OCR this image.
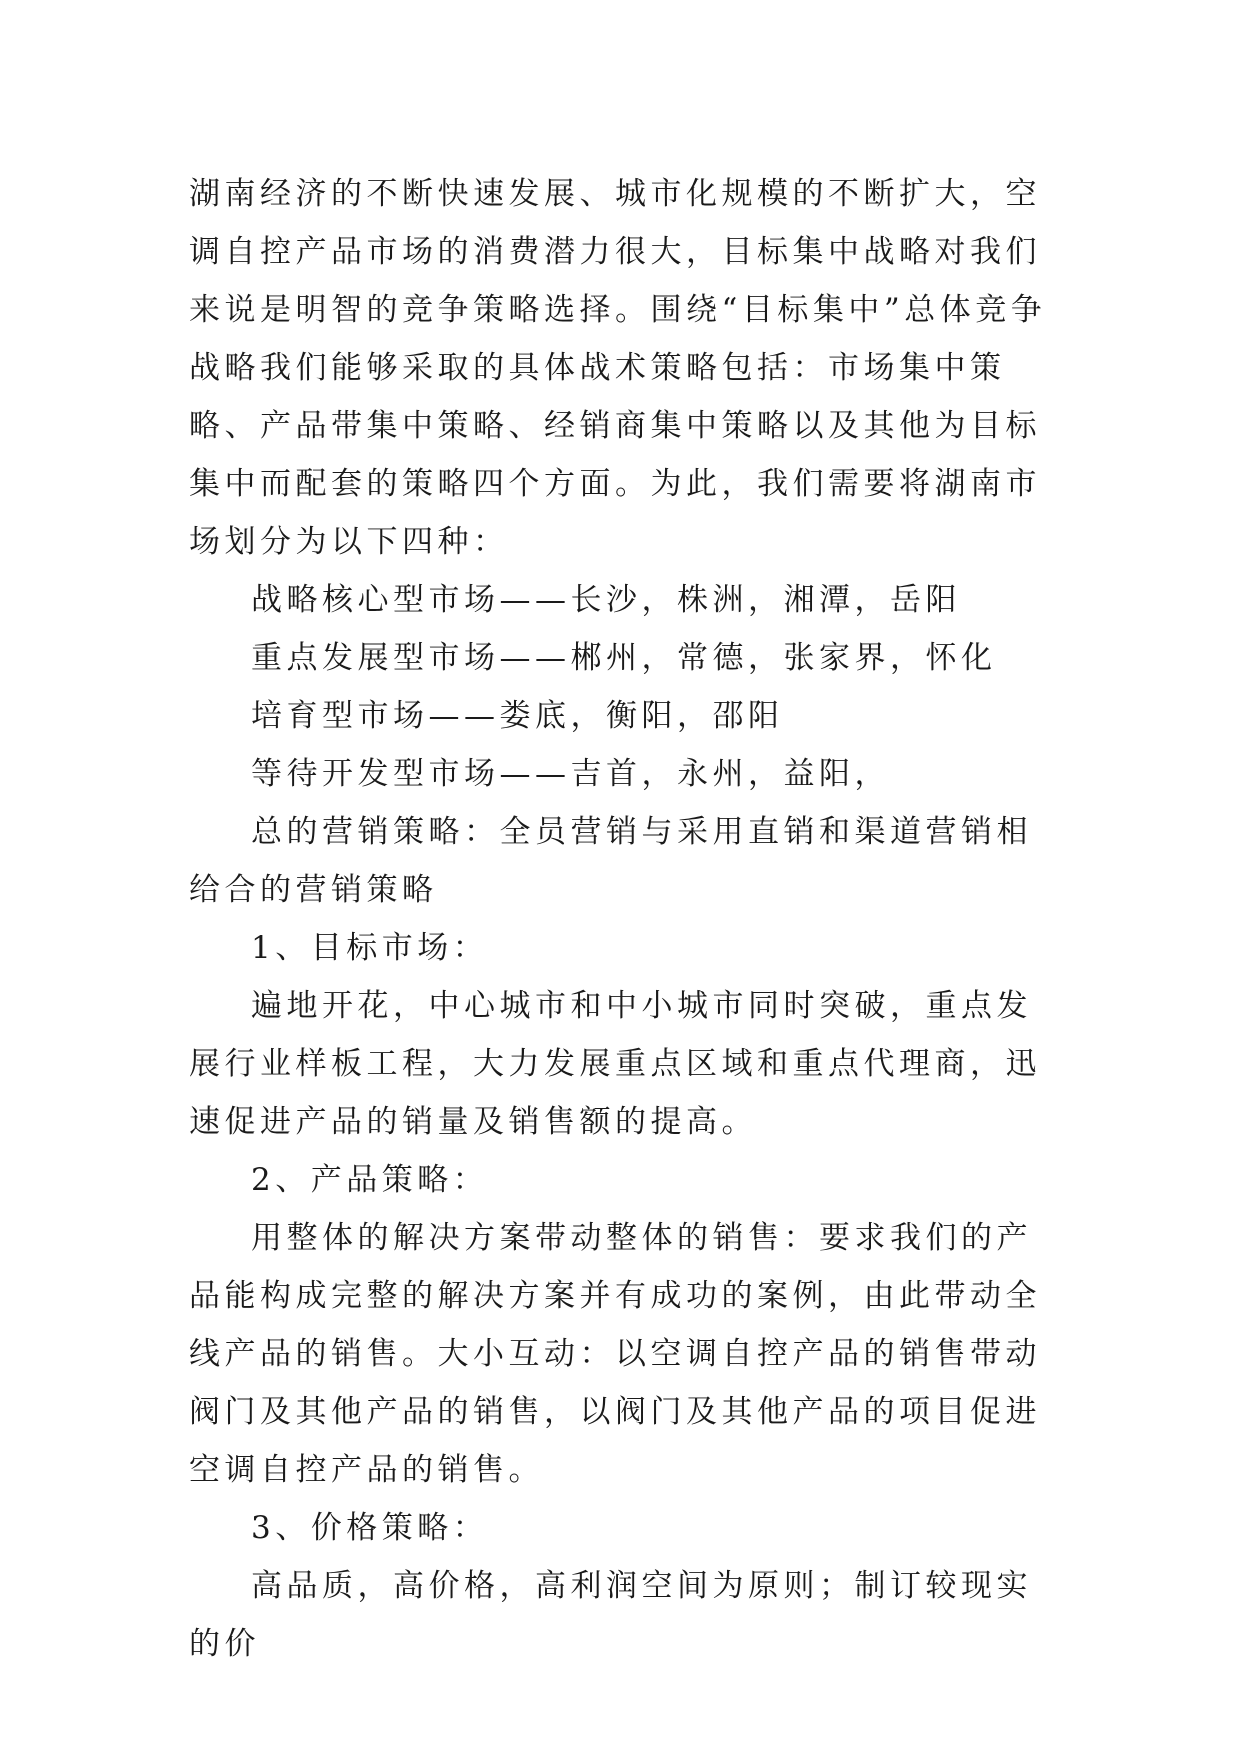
湖南经济的不断快速发展、城市化规模的不断扩大，空调自控产品市场的消费潜力很大，目标集中战略对我们来说是明智的竞争策略选择。围绕“目标集中”总体竞争战略我们能够采取的具体战术策略包括：市场集中策略、产品带集中策略、经销商集中策略以及其他为目标集中而配套的策略四个方面。为此，我们需要将湖南市场划分为以下四种：

战略核心型市场——长沙，株洲，湘潭，岳阳

重点发展型市场——郴州，常德，张家界，怀化

培育型市场——娄底，衡阳，邵阳

等待开发型市场——吉首，永州，益阳，

总的营销策略：全员营销与采用直销和渠道营销相给合的营销策略

1、目标市场：

遍地开花，中心城市和中小城市同时突破，重点发展行业样板工程，大力发展重点区域和重点代理商，迅速促进产品的销量及销售额的提高。

2、产品策略：

用整体的解决方案带动整体的销售：要求我们的产品能构成完整的解决方案并有成功的案例，由此带动全线产品的销售。大小互动：以空调自控产品的销售带动阀门及其他产品的销售，以阀门及其他产品的项目促进空调自控产品的销售。

3、价格策略：

高品质，高价格，高利润空间为原则；制订较现实的价
